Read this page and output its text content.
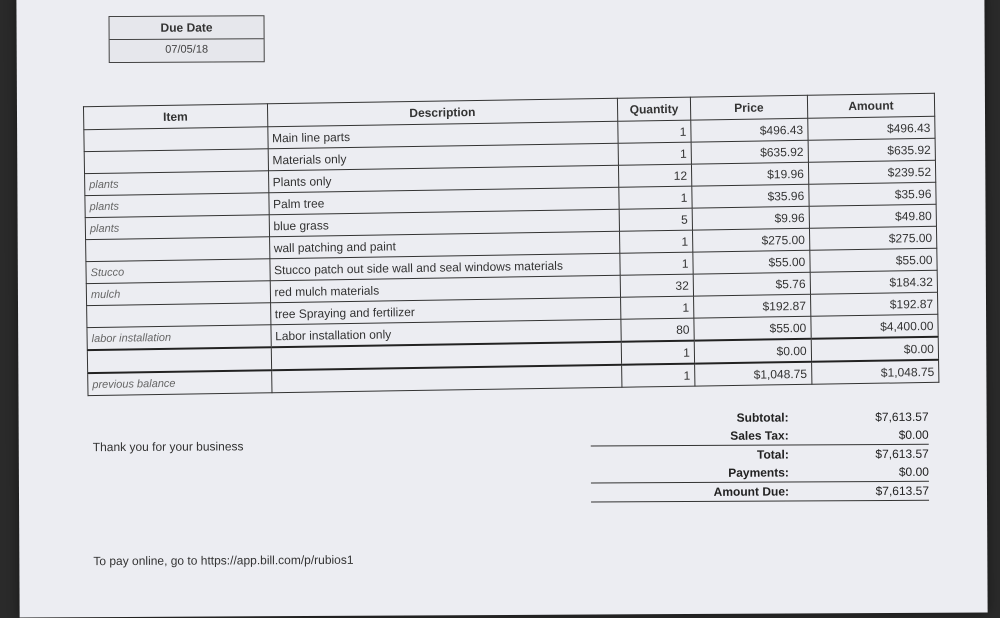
Due Date
07/05/18
Item	Description	Quantity	Price	Amount
	Main line parts	1	$496.43	$496.43
	Materials only	1	$635.92	$635.92
plants	Plants only	12	$19.96	$239.52
plants	Palm tree	1	$35.96	$35.96
plants	blue grass	5	$9.96	$49.80
	wall patching and paint	1	$275.00	$275.00
Stucco	Stucco patch out side wall and seal windows materials	1	$55.00	$55.00
mulch	red mulch materials	32	$5.76	$184.32
	tree Spraying and fertilizer	1	$192.87	$192.87
labor installation	Labor installation only	80	$55.00	$4,400.00
		1	$0.00	$0.00
previous balance		1	$1,048.75	$1,048.75
Thank you for your business
Subtotal:	$7,613.57
Sales Tax:	$0.00
Total:	$7,613.57
Payments:	$0.00
Amount Due:	$7,613.57
To pay online, go to https://app.bill.com/p/rubios1
